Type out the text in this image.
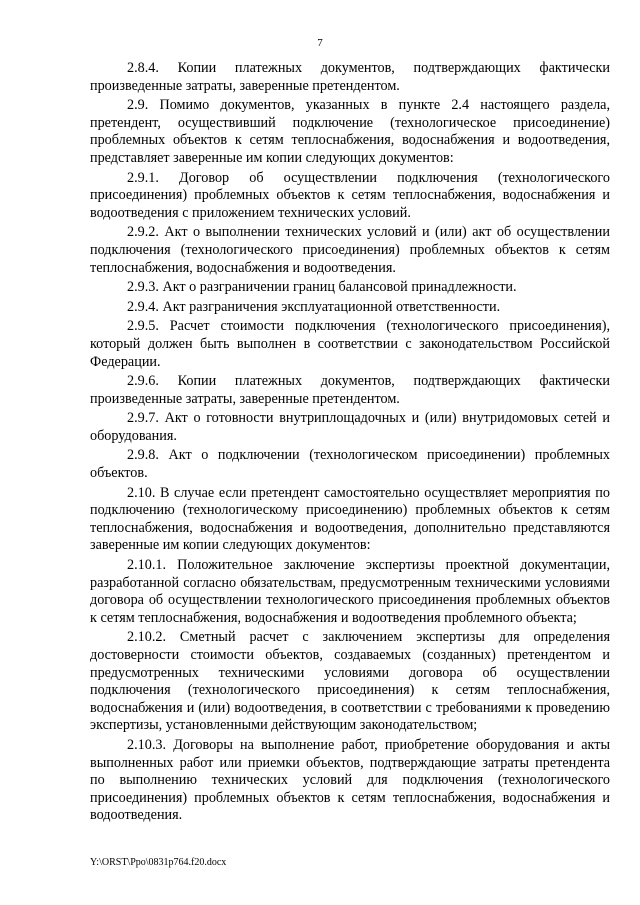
7

2.8.4. Копии платежных документов, подтверждающих фактически произведенные затраты, заверенные претендентом.

2.9. Помимо документов, указанных в пункте 2.4 настоящего раздела, претендент, осуществивший подключение (технологическое присоединение) проблемных объектов к сетям теплоснабжения, водоснабжения и водоотведения, представляет заверенные им копии следующих документов:

2.9.1. Договор об осуществлении подключения (технологического присоединения) проблемных объектов к сетям теплоснабжения, водоснабжения и водоотведения с приложением технических условий.

2.9.2. Акт о выполнении технических условий и (или) акт об осуществлении подключения (технологического присоединения) проблемных объектов к сетям теплоснабжения, водоснабжения и водоотведения.

2.9.3. Акт о разграничении границ балансовой принадлежности.

2.9.4. Акт разграничения эксплуатационной ответственности.

2.9.5. Расчет стоимости подключения (технологического присоединения), который должен быть выполнен в соответствии с законодательством Российской Федерации.

2.9.6. Копии платежных документов, подтверждающих фактически произведенные затраты, заверенные претендентом.

2.9.7. Акт о готовности внутриплощадочных и (или) внутридомовых сетей и оборудования.

2.9.8. Акт о подключении (технологическом присоединении) проблемных объектов.

2.10. В случае если претендент самостоятельно осуществляет мероприятия по подключению (технологическому присоединению) проблемных объектов к сетям теплоснабжения, водоснабжения и водоотведения, дополнительно представляются заверенные им копии следующих документов:

2.10.1. Положительное заключение экспертизы проектной документации, разработанной согласно обязательствам, предусмотренным техническими условиями договора об осуществлении технологического присоединения проблемных объектов к сетям теплоснабжения, водоснабжения и водоотведения проблемного объекта;

2.10.2. Сметный расчет с заключением экспертизы для определения достоверности стоимости объектов, создаваемых (созданных) претендентом и предусмотренных техническими условиями договора об осуществлении подключения (технологического присоединения) к сетям теплоснабжения, водоснабжения и (или) водоотведения, в соответствии с требованиями к проведению экспертизы, установленными действующим законодательством;

2.10.3. Договоры на выполнение работ, приобретение оборудования и акты выполненных работ или приемки объектов, подтверждающие затраты претендента по выполнению технических условий для подключения (технологического присоединения) проблемных объектов к сетям теплоснабжения, водоснабжения и водоотведения.

Y:\ORST\Ppo\0831p764.f20.docx
